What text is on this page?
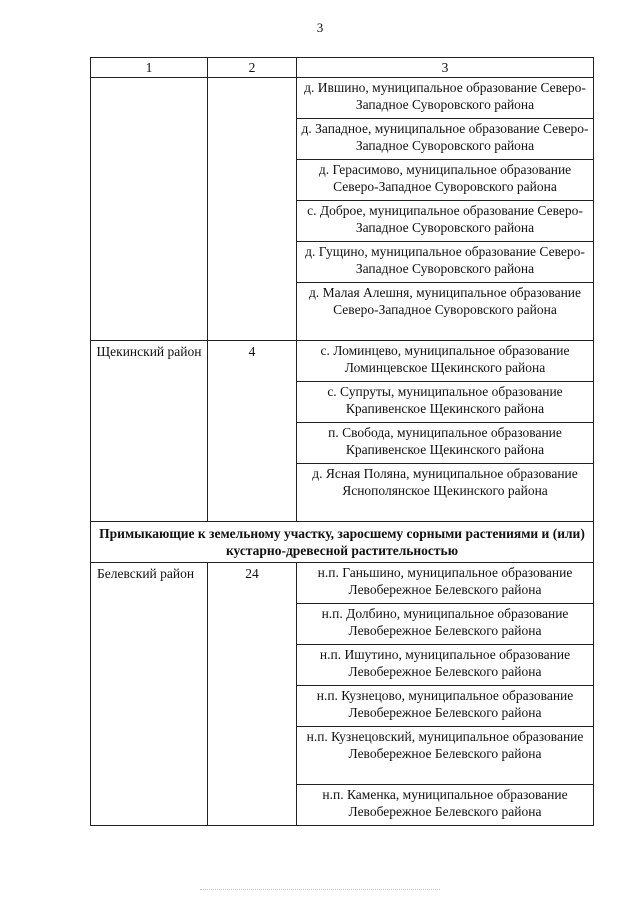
3
1	2	3
		д. Ившино, муниципальное образование Северо-Западное Суворовского района
		д. Западное, муниципальное образование Северо-Западное Суворовского района
		д. Герасимово, муниципальное образование Северо-Западное Суворовского района
		с. Доброе, муниципальное образование Северо-Западное Суворовского района
		д. Гущино, муниципальное образование Северо-Западное Суворовского района
		д. Малая Алешня, муниципальное образование Северо-Западное Суворовского района
Щекинский район	4	с. Ломинцево, муниципальное образование Ломинцевское Щекинского района
		с. Супруты, муниципальное образование Крапивенское Щекинского района
		п. Свобода, муниципальное образование Крапивенское Щекинского района
		д. Ясная Поляна, муниципальное образование Яснополянское Щекинского района
Примыкающие к земельному участку, заросшему сорными растениями и (или) кустарно-древесной растительностью		
Белевский район	24	н.п. Ганьшино, муниципальное образование Левобережное Белевского района
		н.п. Долбино, муниципальное образование Левобережное Белевского района
		н.п. Ишутино, муниципальное образование Левобережное Белевского района
		н.п. Кузнецово, муниципальное образование Левобережное Белевского района
		н.п. Кузнецовский, муниципальное образование Левобережное Белевского района
		н.п. Каменка, муниципальное образование Левобережное Белевского района
